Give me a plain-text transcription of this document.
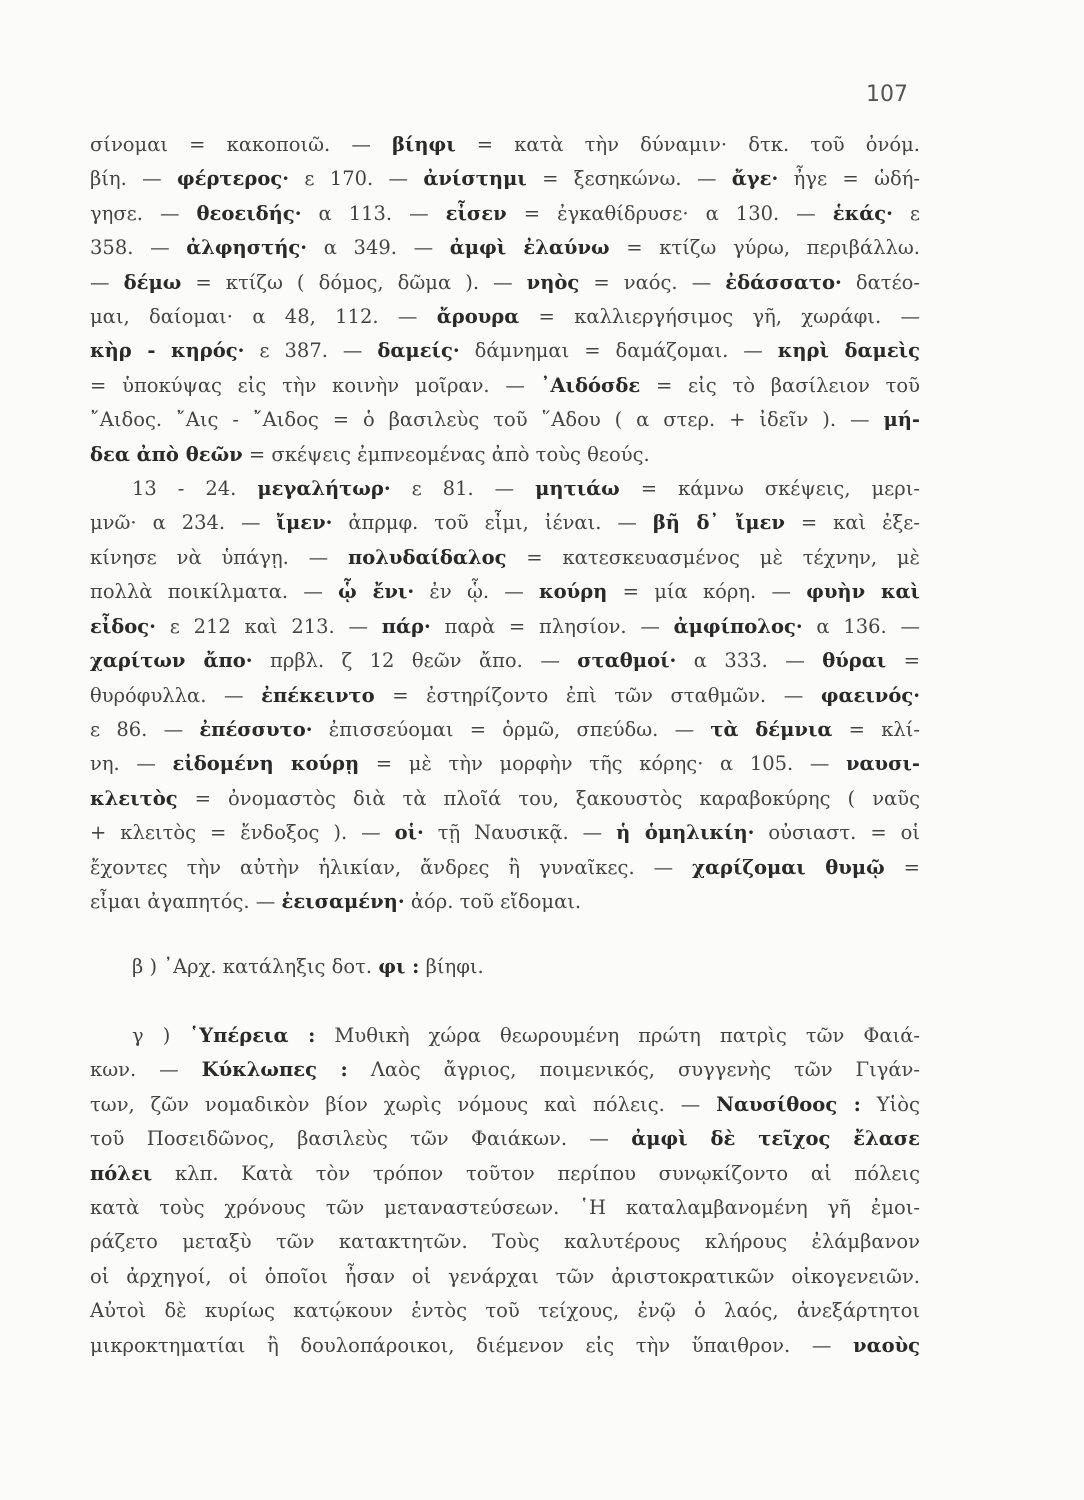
107
σίνομαι = κακοποιῶ. — βίηφι = κατὰ τὴν δύναμιν· δτκ. τοῦ ὀνόμ.
βίη. — φέρτερος· ε 170. — ἀνίστημι = ξεσηκώνω. — ἄγε· ἦγε = ὡδή-
γησε. — θεοειδής· α 113. — εἶσεν = ἐγκαθίδρυσε· α 130. — ἑκάς· ε
358. — ἀλφηστής· α 349. — ἀμφὶ ἐλαύνω = κτίζω γύρω, περιβάλλω.
— δέμω = κτίζω ( δόμος, δῶμα ). — νηὸς = ναός. — ἐδάσσατο· δατέο-
μαι, δαίομαι· α 48, 112. — ἄρουρα = καλλιεργήσιμος γῆ, χωράφι. —
κὴρ - κηρός· ε 387. — δαμείς· δάμνημαι = δαμάζομαι. — κηρὶ δαμεὶς
= ὑποκύψας εἰς τὴν κοινὴν μοῖραν. — ᾿Αιδόσδε = εἰς τὸ βασίλειον τοῦ
῎Αιδος. ῎Αις - ῎Αιδος = ὁ βασιλεὺς τοῦ ῞Αδου ( α στερ. + ἰδεῖν ). — μή-
δεα ἀπὸ θεῶν = σκέψεις ἐμπνεομένας ἀπὸ τοὺς θεούς.
13 - 24. μεγαλήτωρ· ε 81. — μητιάω = κάμνω σκέψεις, μερι-
μνῶ· α 234. — ἴμεν· ἀπρμφ. τοῦ εἶμι, ἰέναι. — βῆ δ᾿ ἴμεν = καὶ ἐξε-
κίνησε νὰ ὑπάγῃ. — πολυδαίδαλος = κατεσκευασμένος μὲ τέχνην, μὲ
πολλὰ ποικίλματα. — ᾧ ἔνι· ἐν ᾧ. — κούρη = μία κόρη. — φυὴν καὶ
εἶδος· ε 212 καὶ 213. — πάρ· παρὰ = πλησίον. — ἀμφίπολος· α 136. —
χαρίτων ἄπο· πρβλ. ζ 12 θεῶν ἄπο. — σταθμοί· α 333. — θύραι =
θυρόφυλλα. — ἐπέκειντο = ἐστηρίζοντο ἐπὶ τῶν σταθμῶν. — φαεινός·
ε 86. — ἐπέσσυτο· ἐπισσεύομαι = ὁρμῶ, σπεύδω. — τὰ δέμνια = κλί-
νη. — εἰδομένη κούρῃ = μὲ τὴν μορφὴν τῆς κόρης· α 105. — ναυσι-
κλειτὸς = ὀνομαστὸς διὰ τὰ πλοῖά του, ξακουστὸς καραβοκύρης ( ναῦς
+ κλειτὸς = ἔνδοξος ). — οἱ· τῇ Ναυσικᾷ. — ἡ ὁμηλικίη· οὐσιαστ. = οἱ
ἔχοντες τὴν αὐτὴν ἡλικίαν, ἄνδρες ἢ γυναῖκες. — χαρίζομαι θυμῷ =
εἶμαι ἀγαπητός. — ἐεισαμένη· ἀόρ. τοῦ εἴδομαι.
β ) ᾿Αρχ. κατάληξις δοτ. φι : βίηφι.
γ ) ῾Υπέρεια : Μυθικὴ χώρα θεωρουμένη πρώτη πατρὶς τῶν Φαιά-
κων. — Κύκλωπες : Λαὸς ἄγριος, ποιμενικός, συγγενὴς τῶν Γιγάν-
των, ζῶν νομαδικὸν βίον χωρὶς νόμους καὶ πόλεις. — Ναυσίθοος : Υἱὸς
τοῦ Ποσειδῶνος, βασιλεὺς τῶν Φαιάκων. — ἀμφὶ δὲ τεῖχος ἔλασε
πόλει κλπ. Κατὰ τὸν τρόπον τοῦτον περίπου συνῳκίζοντο αἱ πόλεις
κατὰ τοὺς χρόνους τῶν μεταναστεύσεων. ῾Η καταλαμβανομένη γῆ ἐμοι-
ράζετο μεταξὺ τῶν κατακτητῶν. Τοὺς καλυτέρους κλήρους ἐλάμβανον
οἱ ἀρχηγοί, οἱ ὁποῖοι ἦσαν οἱ γενάρχαι τῶν ἀριστοκρατικῶν οἰκογενειῶν.
Αὐτοὶ δὲ κυρίως κατῴκουν ἐντὸς τοῦ τείχους, ἐνῷ ὁ λαός, ἀνεξάρτητοι
μικροκτηματίαι ἢ δουλοπάροικοι, διέμενον εἰς τὴν ὕπαιθρον. — ναοὺς
